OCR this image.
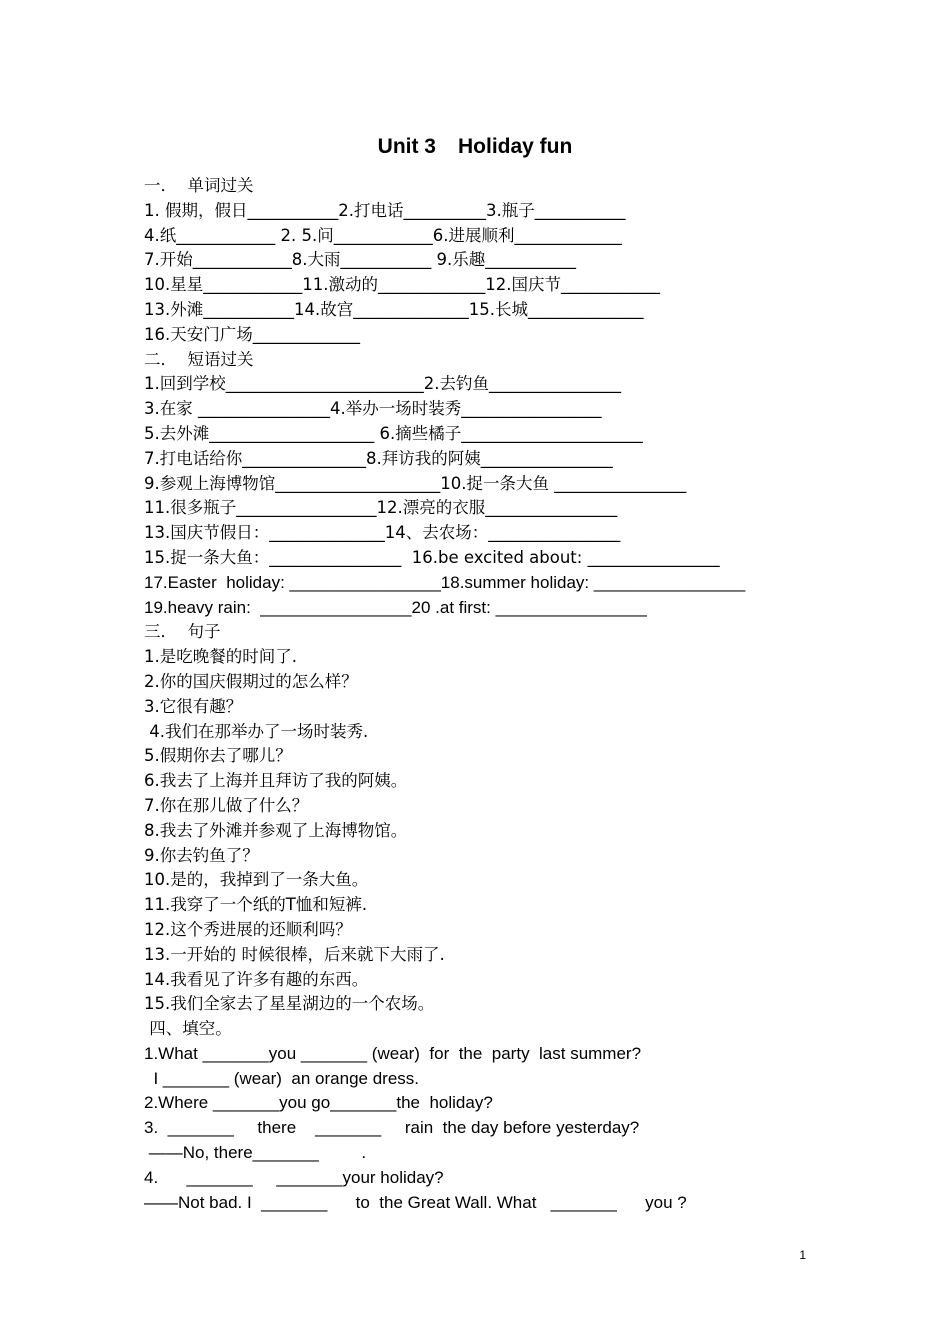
Unit 3 Holiday fun
一．  单词过关
1. 假期，假日___________2.打电话__________3.瓶子___________
4.纸____________ 2. 5.问____________6.进展顺利_____________
7.开始____________8.大雨___________ 9.乐趣___________
10.星星____________11.激动的_____________12.国庆节____________
13.外滩___________14.故宫______________15.长城______________
16.天安门广场_____________
二．  短语过关
1.回到学校________________________2.去钓鱼________________
3.在家 ________________4.举办一场时装秀_________________
5.去外滩____________________ 6.摘些橘子______________________
7.打电话给你_______________8.拜访我的阿姨________________
9.参观上海博物馆____________________10.捉一条大鱼 ________________
11.很多瓶子_________________12.漂亮的衣服________________
13.国庆节假日：______________14、去农场：________________
15.捉一条大鱼：________________  16.be excited about: ________________
17.Easter  holiday: ________________18.summer holiday: ________________
19.heavy rain:  ________________20 .at first: ________________
三．  句子
1.是吃晚餐的时间了.
2.你的国庆假期过的怎么样？
3.它很有趣？
4.我们在那举办了一场时装秀.
5.假期你去了哪儿？
6.我去了上海并且拜访了我的阿姨。
7.你在那儿做了什么？
8.我去了外滩并参观了上海博物馆。
9.你去钓鱼了？
10.是的，我掉到了一条大鱼。
11.我穿了一个纸的T恤和短裤.
12.这个秀进展的还顺利吗？
13.一开始的 时候很棒，后来就下大雨了.
14.我看见了许多有趣的东西。
15.我们全家去了星星湖边的一个农场。
四、填空。
1.What _______you _______ (wear)  for  the  party  last summer?
I _______ (wear)  an orange dress.
2.Where _______you go_______the  holiday?
3.  _______     there    _______     rain  the day before yesterday?
——No, there_______         .
4.      _______     _______your holiday?
——Not bad. I  _______      to  the Great Wall. What   _______      you ?
1
